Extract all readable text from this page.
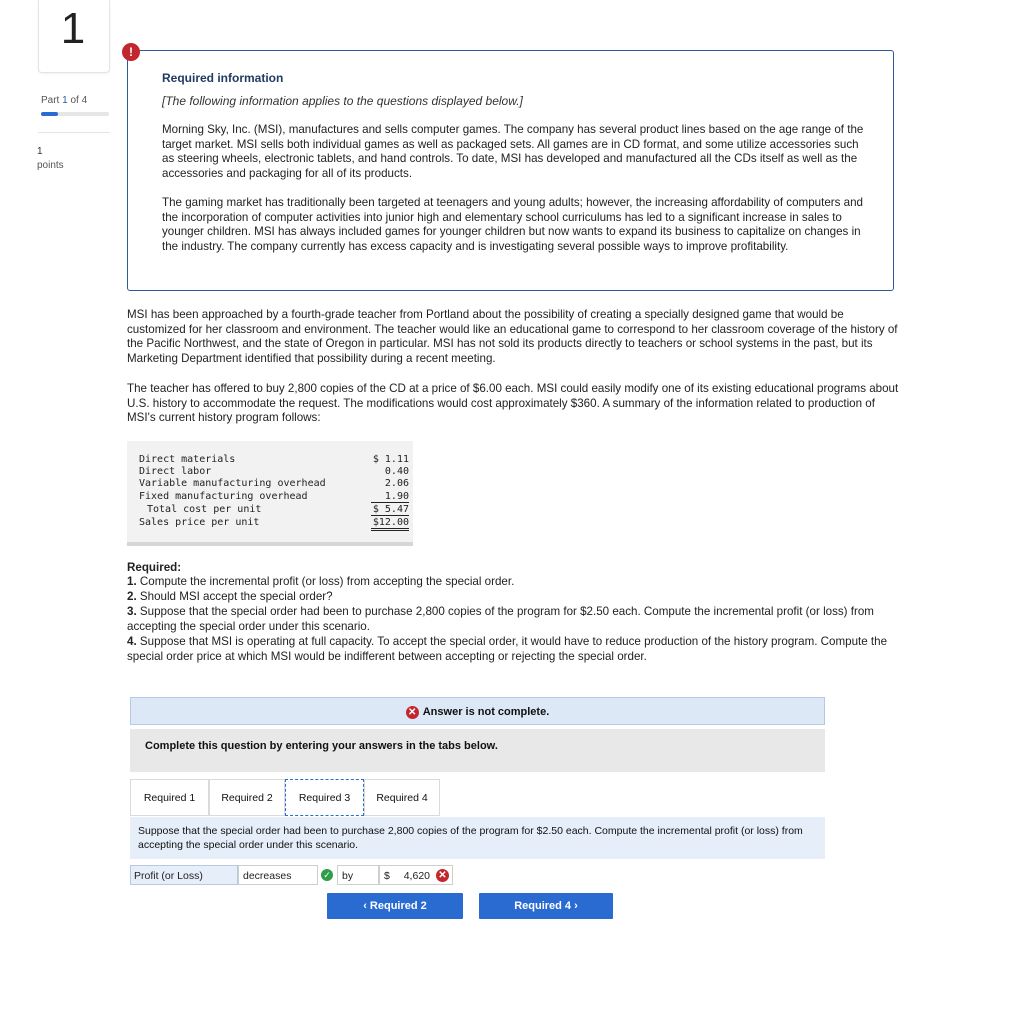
1
Part 1 of 4
1
points
!
Required information
[The following information applies to the questions displayed below.]
Morning Sky, Inc. (MSI), manufactures and sells computer games. The company has several product lines based on the age range of the target market. MSI sells both individual games as well as packaged sets. All games are in CD format, and some utilize accessories such as steering wheels, electronic tablets, and hand controls. To date, MSI has developed and manufactured all the CDs itself as well as the accessories and packaging for all of its products.
The gaming market has traditionally been targeted at teenagers and young adults; however, the increasing affordability of computers and the incorporation of computer activities into junior high and elementary school curriculums has led to a significant increase in sales to younger children. MSI has always included games for younger children but now wants to expand its business to capitalize on changes in the industry. The company currently has excess capacity and is investigating several possible ways to improve profitability.
MSI has been approached by a fourth-grade teacher from Portland about the possibility of creating a specially designed game that would be customized for her classroom and environment. The teacher would like an educational game to correspond to her classroom coverage of the history of the Pacific Northwest, and the state of Oregon in particular. MSI has not sold its products directly to teachers or school systems in the past, but its Marketing Department identified that possibility during a recent meeting.
The teacher has offered to buy 2,800 copies of the CD at a price of $6.00 each. MSI could easily modify one of its existing educational programs about U.S. history to accommodate the request. The modifications would cost approximately $360. A summary of the information related to production of MSI's current history program follows:
Direct materials	$ 1.11
Direct labor	0.40
Variable manufacturing overhead	2.06
Fixed manufacturing overhead	1.90
Total cost per unit	$ 5.47
Sales price per unit	$12.00
Required:
1. Compute the incremental profit (or loss) from accepting the special order.
2. Should MSI accept the special order?
3. Suppose that the special order had been to purchase 2,800 copies of the program for $2.50 each. Compute the incremental profit (or loss) from accepting the special order under this scenario.
4. Suppose that MSI is operating at full capacity. To accept the special order, it would have to reduce production of the history program. Compute the special order price at which MSI would be indifferent between accepting or rejecting the special order.
✕ Answer is not complete.
Complete this question by entering your answers in the tabs below.
Required 1	Required 2	Required 3	Required 4
Suppose that the special order had been to purchase 2,800 copies of the program for $2.50 each. Compute the incremental profit (or loss) from accepting the special order under this scenario.
Profit (or Loss)	decreases	✓	by	$ 4,620 ✕
‹ Required 2	Required 4 ›
